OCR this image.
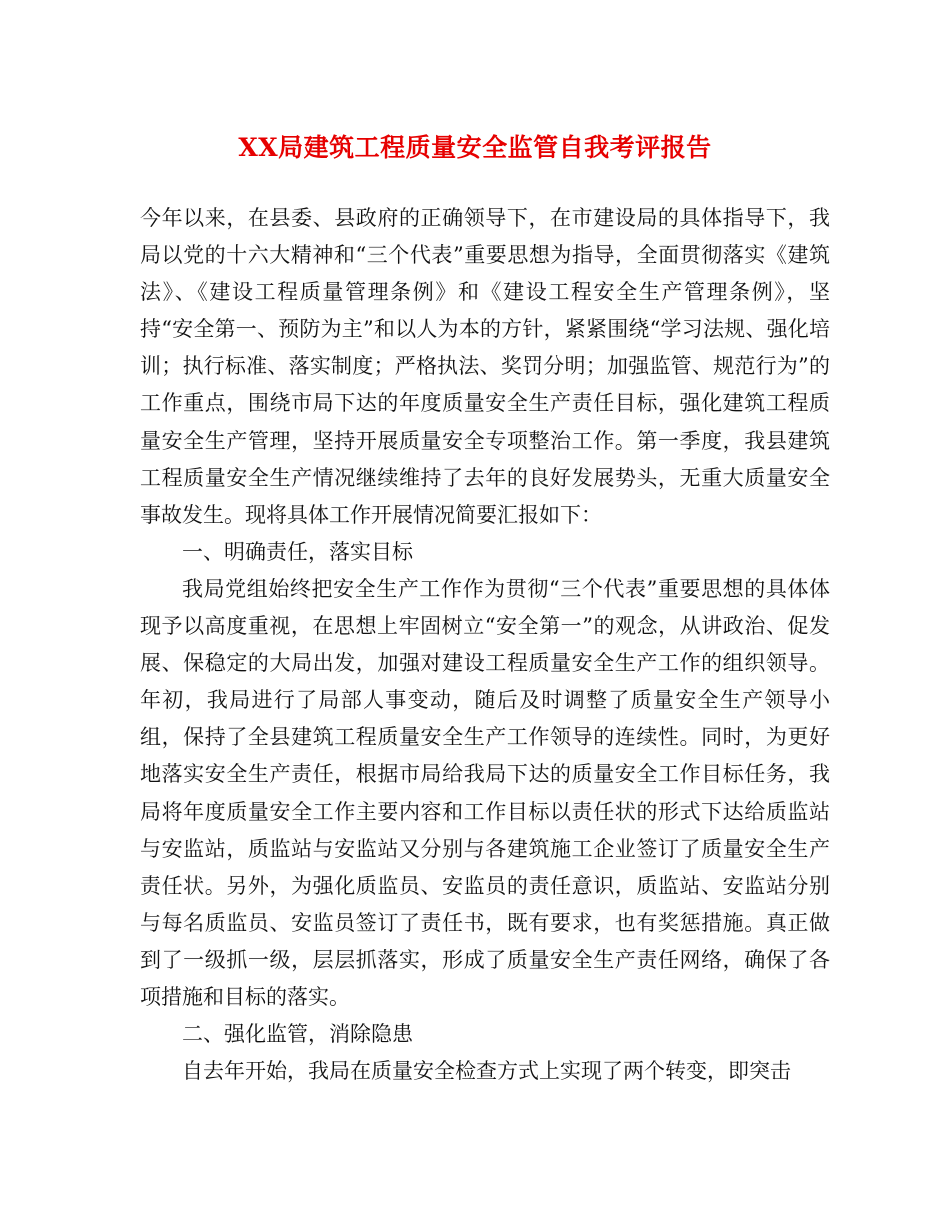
XX局建筑工程质量安全监管自我考评报告

今年以来，在县委、县政府的正确领导下，在市建设局的具体指导下，我局以党的十六大精神和“三个代表”重要思想为指导，全面贯彻落实《建筑法》、《建设工程质量管理条例》和《建设工程安全生产管理条例》，坚持“安全第一、预防为主”和以人为本的方针，紧紧围绕“学习法规、强化培训；执行标准、落实制度；严格执法、奖罚分明；加强监管、规范行为”的工作重点，围绕市局下达的年度质量安全生产责任目标，强化建筑工程质量安全生产管理，坚持开展质量安全专项整治工作。第一季度，我县建筑工程质量安全生产情况继续维持了去年的良好发展势头，无重大质量安全事故发生。现将具体工作开展情况简要汇报如下：

一、明确责任，落实目标

我局党组始终把安全生产工作作为贯彻“三个代表”重要思想的具体体现予以高度重视，在思想上牢固树立“安全第一”的观念，从讲政治、促发展、保稳定的大局出发，加强对建设工程质量安全生产工作的组织领导。年初，我局进行了局部人事变动，随后及时调整了质量安全生产领导小组，保持了全县建筑工程质量安全生产工作领导的连续性。同时，为更好地落实安全生产责任，根据市局给我局下达的质量安全工作目标任务，我局将年度质量安全工作主要内容和工作目标以责任状的形式下达给质监站与安监站，质监站与安监站又分别与各建筑施工企业签订了质量安全生产责任状。另外，为强化质监员、安监员的责任意识，质监站、安监站分别与每名质监员、安监员签订了责任书，既有要求，也有奖惩措施。真正做到了一级抓一级，层层抓落实，形成了质量安全生产责任网络，确保了各项措施和目标的落实。

二、强化监管，消除隐患

自去年开始，我局在质量安全检查方式上实现了两个转变，即突击
